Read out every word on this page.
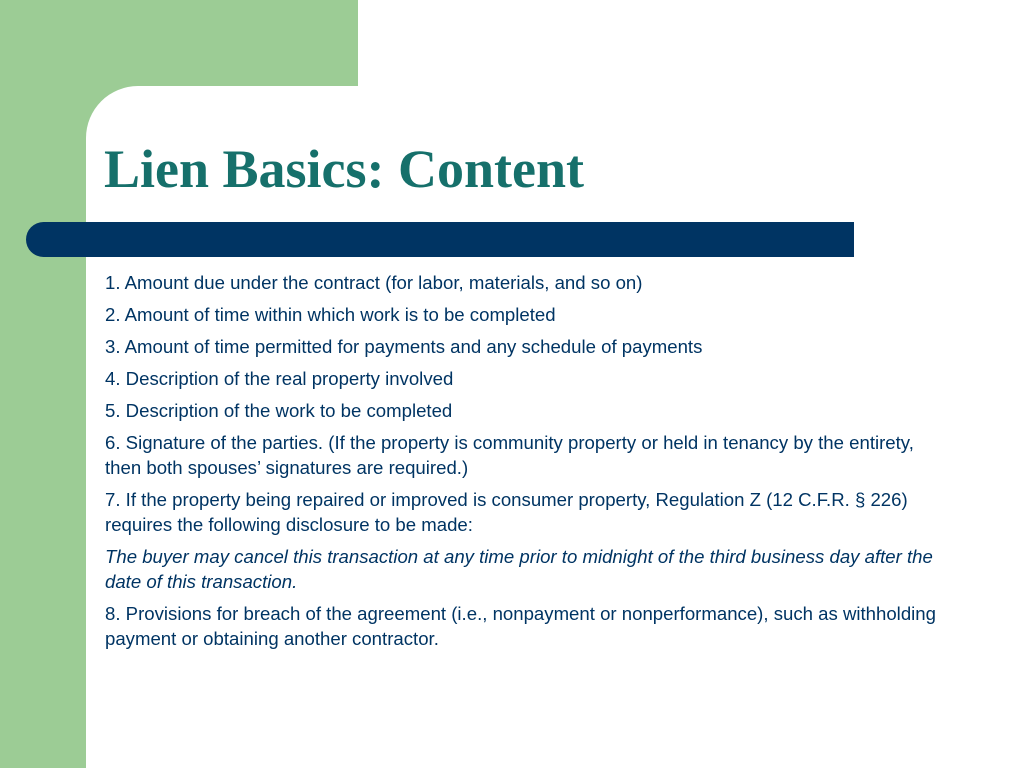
Lien Basics: Content

1. Amount due under the contract (for labor, materials, and so on)

2. Amount of time within which work is to be completed

3. Amount of time permitted for payments and any schedule of payments

4. Description of the real property involved

5. Description of the work to be completed

6. Signature of the parties. (If the property is community property or held in tenancy by the entirety, then both spouses’ signatures are required.)

7. If the property being repaired or improved is consumer property, Regulation Z (12 C.F.R. § 226) requires the following disclosure to be made:

The buyer may cancel this transaction at any time prior to midnight of the third business day after the date of this transaction.

8. Provisions for breach of the agreement (i.e., nonpayment or nonperformance), such as withholding payment or obtaining another contractor.
